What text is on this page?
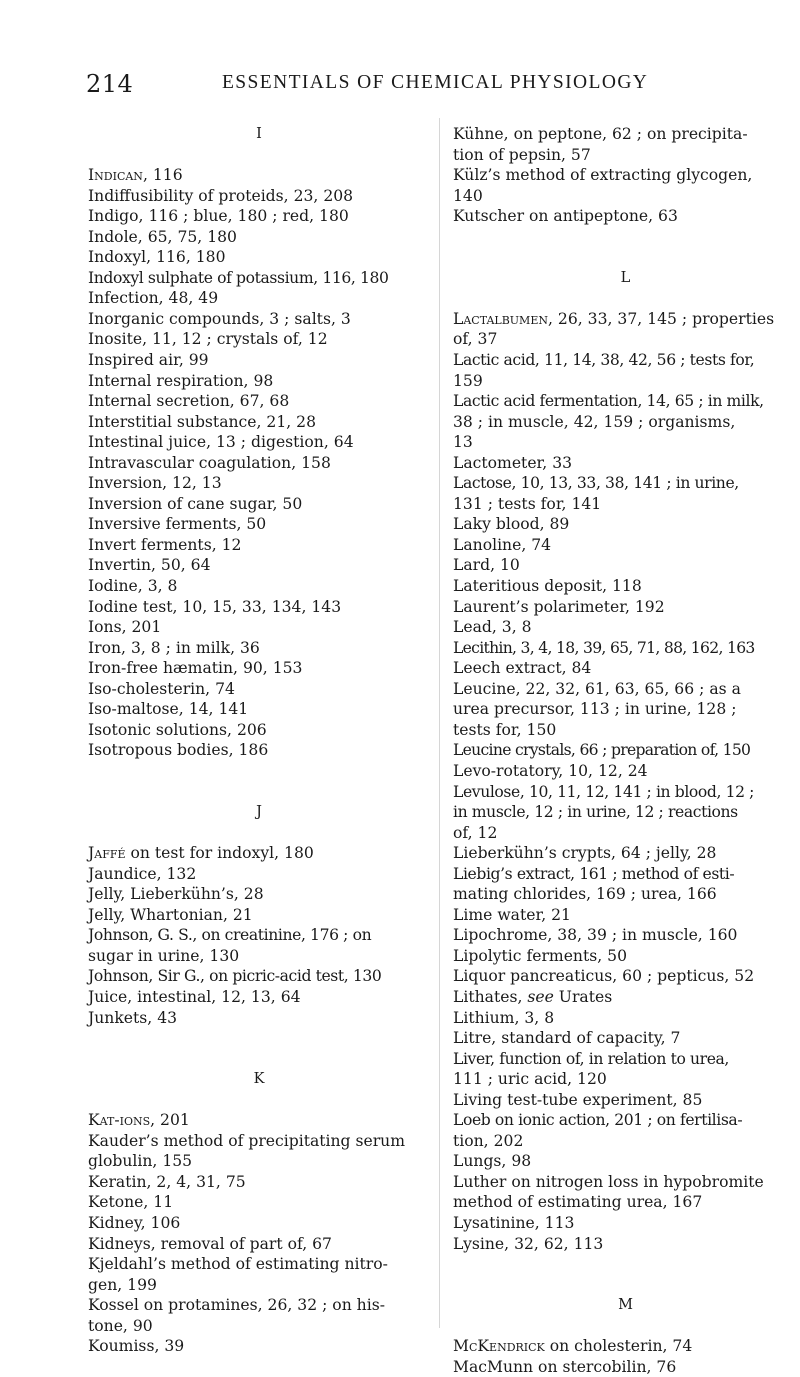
214	ESSENTIALS OF CHEMICAL PHYSIOLOGY
I
Indican, 116
Indiffusibility of proteids, 23, 208
Indigo, 116 ; blue, 180 ; red, 180
Indole, 65, 75, 180
Indoxyl, 116, 180
Indoxyl sulphate of potassium, 116, 180
Infection, 48, 49
Inorganic compounds, 3 ; salts, 3
Inosite, 11, 12 ; crystals of, 12
Inspired air, 99
Internal respiration, 98
Internal secretion, 67, 68
Interstitial substance, 21, 28
Intestinal juice, 13 ; digestion, 64
Intravascular coagulation, 158
Inversion, 12, 13
Inversion of cane sugar, 50
Inversive ferments, 50
Invert ferments, 12
Invertin, 50, 64
Iodine, 3, 8
Iodine test, 10, 15, 33, 134, 143
Ions, 201
Iron, 3, 8 ; in milk, 36
Iron-free hæmatin, 90, 153
Iso-cholesterin, 74
Iso-maltose, 14, 141
Isotonic solutions, 206
Isotropous bodies, 186
J
Jaffé on test for indoxyl, 180
Jaundice, 132
Jelly, Lieberkühn’s, 28
Jelly, Whartonian, 21
Johnson, G. S., on creatinine, 176 ; on
sugar in urine, 130
Johnson, Sir G., on picric-acid test, 130
Juice, intestinal, 12, 13, 64
Junkets, 43
K
Kat-ions, 201
Kauder’s method of precipitating serum
globulin, 155
Keratin, 2, 4, 31, 75
Ketone, 11
Kidney, 106
Kidneys, removal of part of, 67
Kjeldahl’s method of estimating nitro-
gen, 199
Kossel on protamines, 26, 32 ; on his-
tone, 90
Koumiss, 39
Kühne, on peptone, 62 ; on precipita-
tion of pepsin, 57
Külz’s method of extracting glycogen,
140
Kutscher on antipeptone, 63
L
Lactalbumen, 26, 33, 37, 145 ; properties
of, 37
Lactic acid, 11, 14, 38, 42, 56 ; tests for,
159
Lactic acid fermentation, 14, 65 ; in milk,
38 ; in muscle, 42, 159 ; organisms,
13
Lactometer, 33
Lactose, 10, 13, 33, 38, 141 ; in urine,
131 ; tests for, 141
Laky blood, 89
Lanoline, 74
Lard, 10
Lateritious deposit, 118
Laurent’s polarimeter, 192
Lead, 3, 8
Lecithin, 3, 4, 18, 39, 65, 71, 88, 162, 163
Leech extract, 84
Leucine, 22, 32, 61, 63, 65, 66 ; as a
urea precursor, 113 ; in urine, 128 ;
tests for, 150
Leucine crystals, 66 ; preparation of, 150
Levo-rotatory, 10, 12, 24
Levulose, 10, 11, 12, 141 ; in blood, 12 ;
in muscle, 12 ; in urine, 12 ; reactions
of, 12
Lieberkühn’s crypts, 64 ; jelly, 28
Liebig’s extract, 161 ; method of esti-
mating chlorides, 169 ; urea, 166
Lime water, 21
Lipochrome, 38, 39 ; in muscle, 160
Lipolytic ferments, 50
Liquor pancreaticus, 60 ; pepticus, 52
Lithates, see Urates
Lithium, 3, 8
Litre, standard of capacity, 7
Liver, function of, in relation to urea,
111 ; uric acid, 120
Living test-tube experiment, 85
Loeb on ionic action, 201 ; on fertilisa-
tion, 202
Lungs, 98
Luther on nitrogen loss in hypobromite
method of estimating urea, 167
Lysatinine, 113
Lysine, 32, 62, 113
M
McKendrick on cholesterin, 74
MacMunn on stercobilin, 76
